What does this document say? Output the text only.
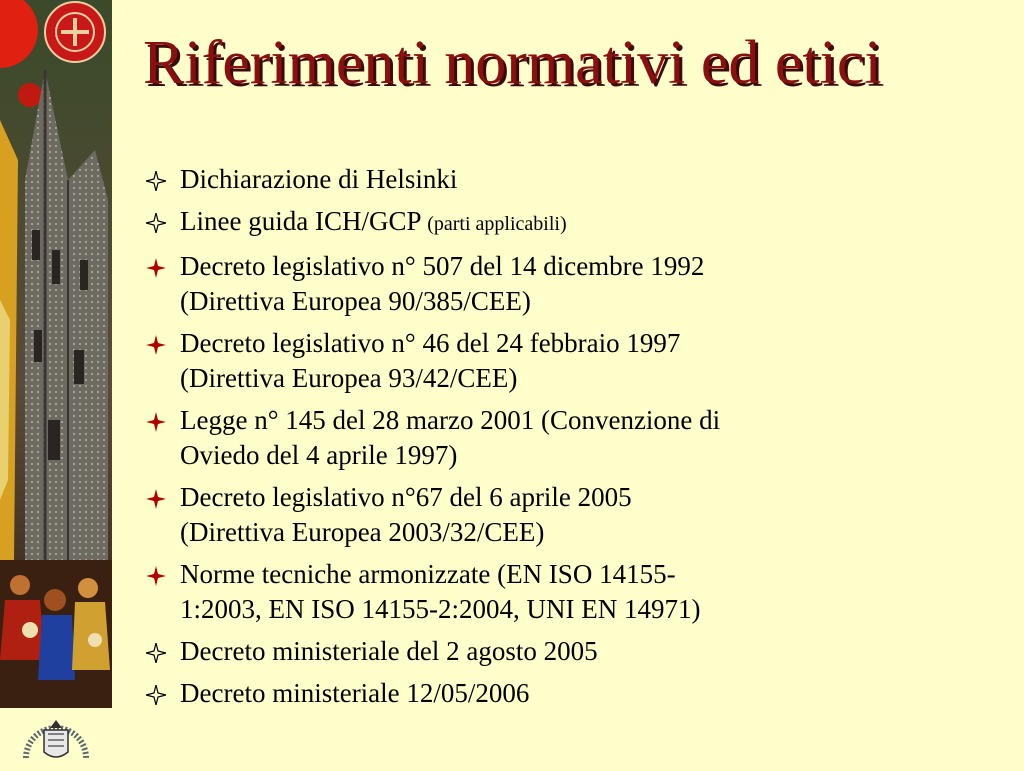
Riferimenti normativi ed etici
Dichiarazione di Helsinki
Linee guida ICH/GCP (parti applicabili)
Decreto legislativo n° 507 del 14 dicembre 1992
(Direttiva Europea 90/385/CEE)
Decreto legislativo n° 46 del 24 febbraio 1997
(Direttiva Europea 93/42/CEE)
Legge n° 145 del 28 marzo 2001 (Convenzione di
Oviedo del 4 aprile 1997)
Decreto legislativo n°67 del 6 aprile 2005
(Direttiva Europea 2003/32/CEE)
Norme tecniche armonizzate (EN ISO 14155-
1:2003, EN ISO 14155-2:2004, UNI EN 14971)
Decreto ministeriale del 2 agosto 2005
Decreto ministeriale 12/05/2006
